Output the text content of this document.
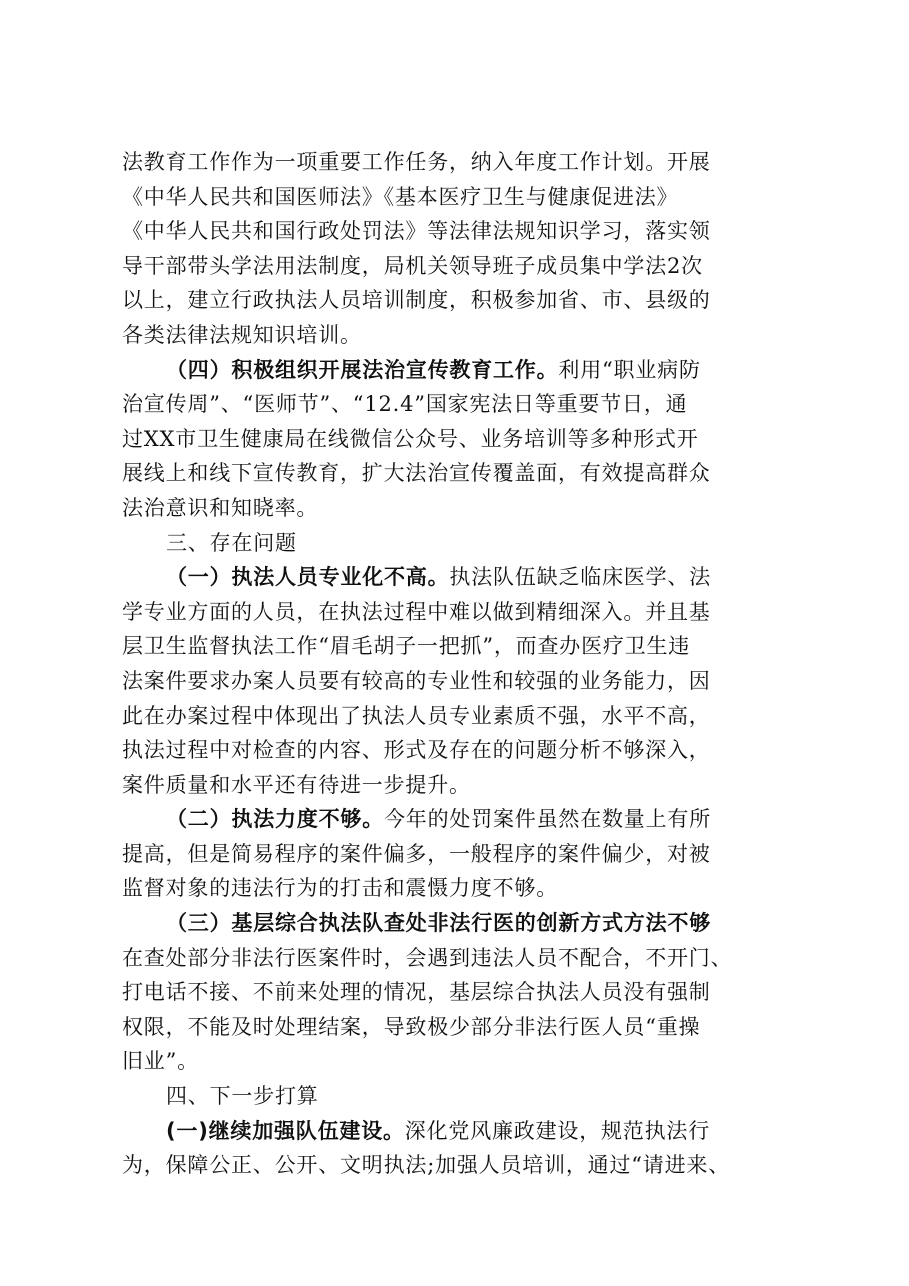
法教育工作作为一项重要工作任务，纳入年度工作计划。开展
《中华人民共和国医师法》《基本医疗卫生与健康促进法》
《中华人民共和国行政处罚法》等法律法规知识学习，落实领
导干部带头学法用法制度，局机关领导班子成员集中学法2次
以上，建立行政执法人员培训制度，积极参加省、市、县级的
各类法律法规知识培训。
（四）积极组织开展法治宣传教育工作。利用“职业病防
治宣传周”、“医师节”、“12.4”国家宪法日等重要节日，通
过XX市卫生健康局在线微信公众号、业务培训等多种形式开
展线上和线下宣传教育，扩大法治宣传覆盖面，有效提高群众
法治意识和知晓率。
三、存在问题
（一）执法人员专业化不高。执法队伍缺乏临床医学、法
学专业方面的人员，在执法过程中难以做到精细深入。并且基
层卫生监督执法工作“眉毛胡子一把抓”，而查办医疗卫生违
法案件要求办案人员要有较高的专业性和较强的业务能力，因
此在办案过程中体现出了执法人员专业素质不强，水平不高，
执法过程中对检查的内容、形式及存在的问题分析不够深入，
案件质量和水平还有待进一步提升。
（二）执法力度不够。今年的处罚案件虽然在数量上有所
提高，但是简易程序的案件偏多，一般程序的案件偏少，对被
监督对象的违法行为的打击和震慑力度不够。
（三）基层综合执法队查处非法行医的创新方式方法不够
在查处部分非法行医案件时，会遇到违法人员不配合，不开门、
打电话不接、不前来处理的情况，基层综合执法人员没有强制
权限，不能及时处理结案，导致极少部分非法行医人员“重操
旧业”。
四、下一步打算
(一)继续加强队伍建设。深化党风廉政建设，规范执法行
为，保障公正、公开、文明执法;加强人员培训，通过“请进来、
